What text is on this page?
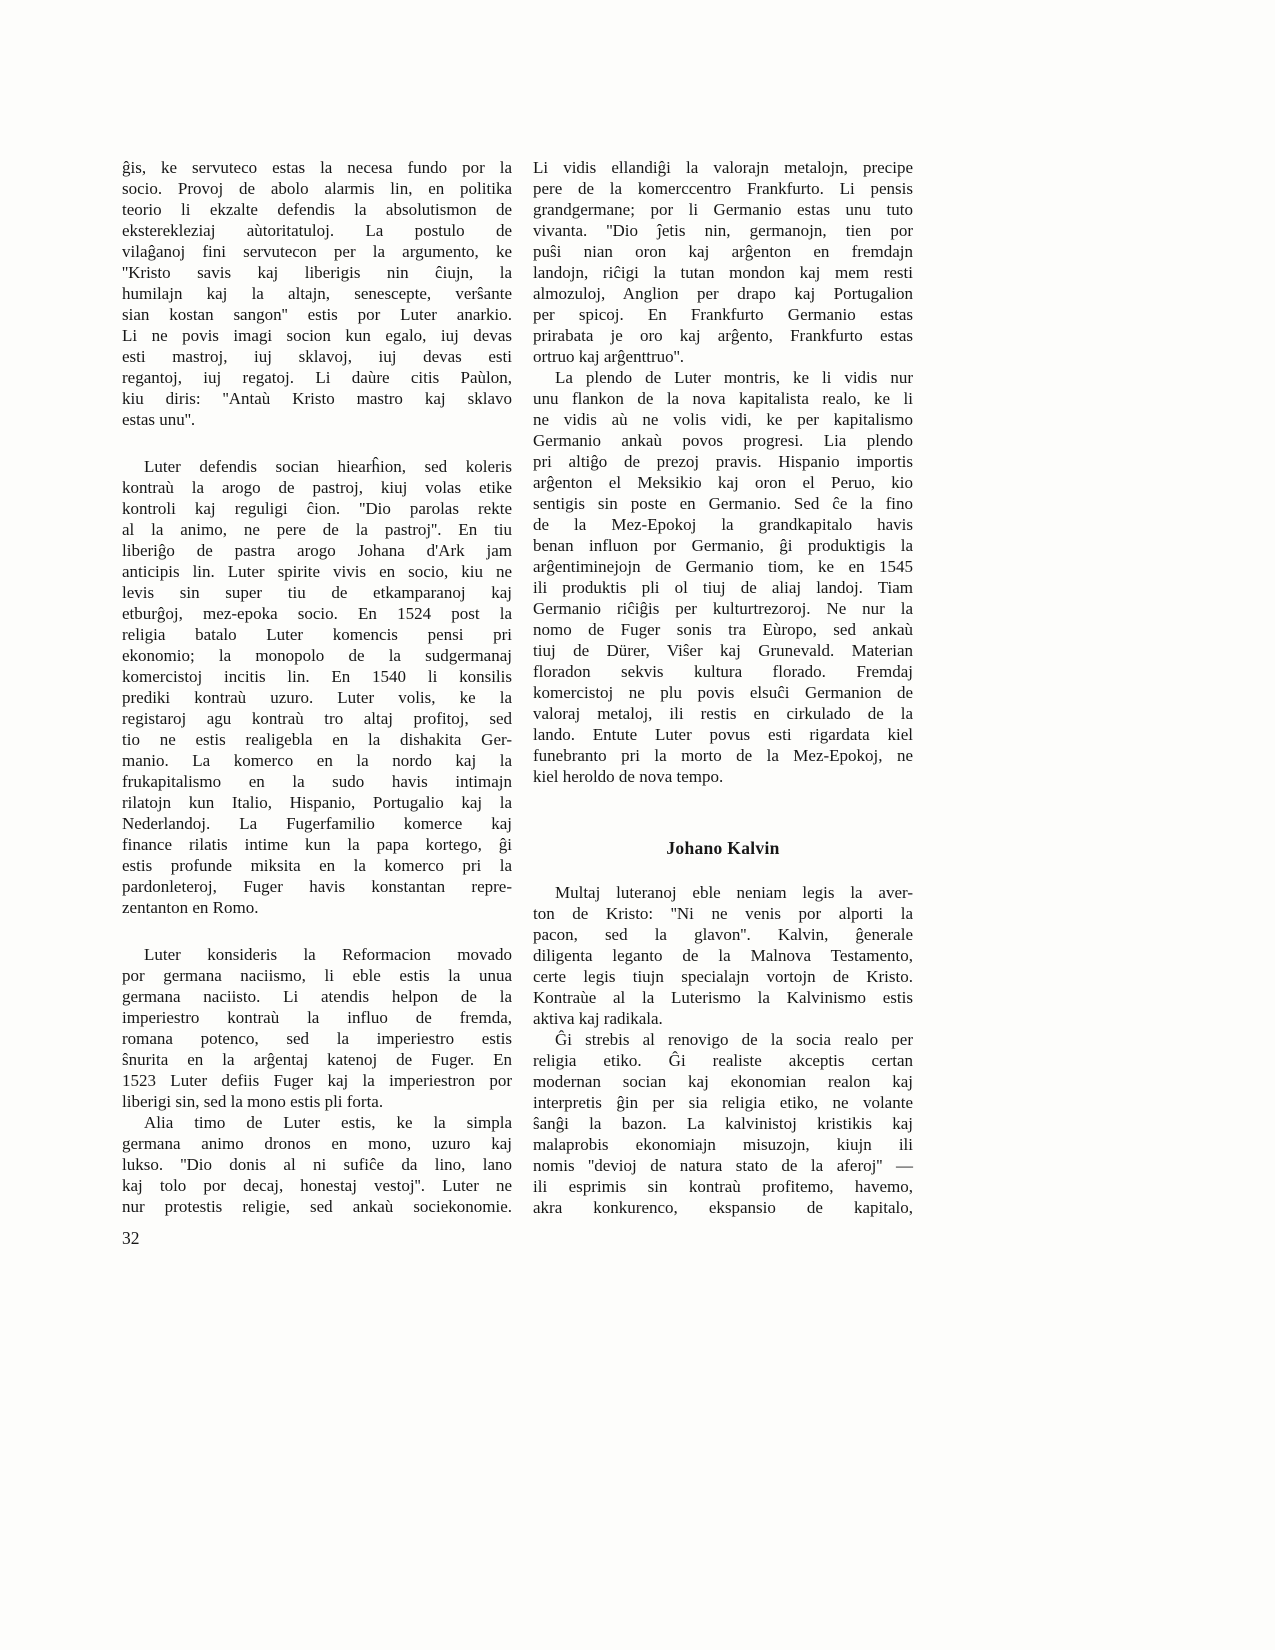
ĝis, ke servuteco estas la necesa fundo por la
socio. Provoj de abolo alarmis lin, en politika
teorio li ekzalte defendis la absolutismon de
eksterekleziaj aùtoritatuloj. La postulo de
vilaĝanoj fini servutecon per la argumento, ke
''Kristo savis kaj liberigis nin ĉiujn, la
humilajn kaj la altajn, senescepte, verŝante
sian kostan sangon'' estis por Luter anarkio.
Li ne povis imagi socion kun egalo, iuj devas
esti mastroj, iuj sklavoj, iuj devas esti
regantoj, iuj regatoj. Li daùre citis Paùlon,
kiu diris: ''Antaù Kristo mastro kaj sklavo
estas unu''.
Luter defendis socian hiearĥion, sed koleris
kontraù la arogo de pastroj, kiuj volas etike
kontroli kaj reguligi ĉion. ''Dio parolas rekte
al la animo, ne pere de la pastroj''. En tiu
liberiĝo de pastra arogo Johana d'Ark jam
anticipis lin. Luter spirite vivis en socio, kiu ne
levis sin super tiu de etkamparanoj kaj
etburĝoj, mez-epoka socio. En 1524 post la
religia batalo Luter komencis pensi pri
ekonomio; la monopolo de la sudgermanaj
komercistoj incitis lin. En 1540 li konsilis
prediki kontraù uzuro. Luter volis, ke la
registaroj agu kontraù tro altaj profitoj, sed
tio ne estis realigebla en la dishakita Ger-
manio. La komerco en la nordo kaj la
frukapitalismo en la sudo havis intimajn
rilatojn kun Italio, Hispanio, Portugalio kaj la
Nederlandoj. La Fugerfamilio komerce kaj
finance rilatis intime kun la papa kortego, ĝi
estis profunde miksita en la komerco pri la
pardonleteroj, Fuger havis konstantan repre-
zentanton en Romo.
Luter konsideris la Reformacion movado
por germana naciismo, li eble estis la unua
germana naciisto. Li atendis helpon de la
imperiestro kontraù la influo de fremda,
romana potenco, sed la imperiestro estis
ŝnurita en la arĝentaj katenoj de Fuger. En
1523 Luter defiis Fuger kaj la imperiestron por
liberigi sin, sed la mono estis pli forta.
Alia timo de Luter estis, ke la simpla
germana animo dronos en mono, uzuro kaj
lukso. ''Dio donis al ni sufiĉe da lino, lano
kaj tolo por decaj, honestaj vestoj''. Luter ne
nur protestis religie, sed ankaù sociekonomie.
Li vidis ellandiĝi la valorajn metalojn, precipe
pere de la komerccentro Frankfurto. Li pensis
grandgermane; por li Germanio estas unu tuto
vivanta. ''Dio ĵetis nin, germanojn, tien por
puŝi nian oron kaj arĝenton en fremdajn
landojn, riĉigi la tutan mondon kaj mem resti
almozuloj, Anglion per drapo kaj Portugalion
per spicoj. En Frankfurto Germanio estas
prirabata je oro kaj arĝento, Frankfurto estas
ortruo kaj arĝenttruo''.
La plendo de Luter montris, ke li vidis nur
unu flankon de la nova kapitalista realo, ke li
ne vidis aù ne volis vidi, ke per kapitalismo
Germanio ankaù povos progresi. Lia plendo
pri altiĝo de prezoj pravis. Hispanio importis
arĝenton el Meksikio kaj oron el Peruo, kio
sentigis sin poste en Germanio. Sed ĉe la fino
de la Mez-Epokoj la grandkapitalo havis
benan influon por Germanio, ĝi produktigis la
arĝentiminejojn de Germanio tiom, ke en 1545
ili produktis pli ol tiuj de aliaj landoj. Tiam
Germanio riĉiĝis per kulturtrezoroj. Ne nur la
nomo de Fuger sonis tra Eùropo, sed ankaù
tiuj de Dürer, Viŝer kaj Grunevald. Materian
floradon sekvis kultura florado. Fremdaj
komercistoj ne plu povis elsuĉi Germanion de
valoraj metaloj, ili restis en cirkulado de la
lando. Entute Luter povus esti rigardata kiel
funebranto pri la morto de la Mez-Epokoj, ne
kiel heroldo de nova tempo.
Johano Kalvin
Multaj luteranoj eble neniam legis la aver-
ton de Kristo: ''Ni ne venis por alporti la
pacon, sed la glavon''. Kalvin, ĝenerale
diligenta leganto de la Malnova Testamento,
certe legis tiujn specialajn vortojn de Kristo.
Kontraùe al la Luterismo la Kalvinismo estis
aktiva kaj radikala.
Ĝi strebis al renovigo de la socia realo per
religia etiko. Ĝi realiste akceptis certan
modernan socian kaj ekonomian realon kaj
interpretis ĝin per sia religia etiko, ne volante
ŝanĝi la bazon. La kalvinistoj kristikis kaj
malaprobis ekonomiajn misuzojn, kiujn ili
nomis ''devioj de natura stato de la aferoj'' —
ili esprimis sin kontraù profitemo, havemo,
akra konkurenco, ekspansio de kapitalo,
32
